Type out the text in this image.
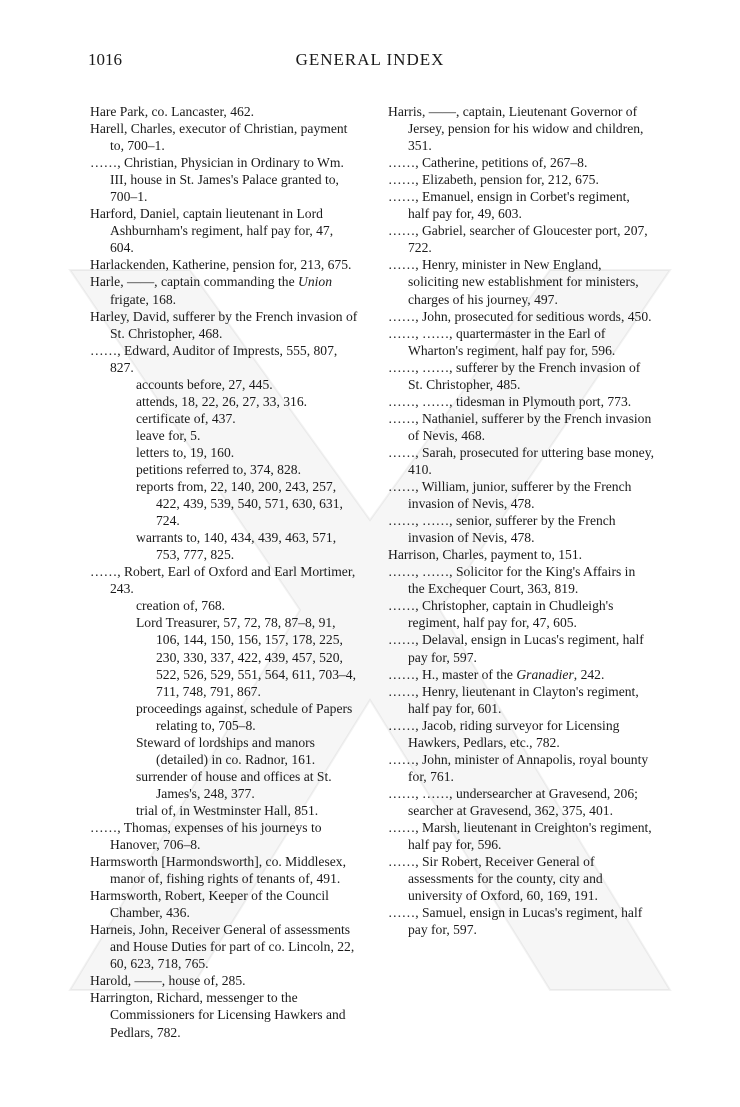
1016	GENERAL INDEX

Hare Park, co. Lancaster, 462.

Harell, Charles, executor of Christian, payment to, 700–1.

……, Christian, Physician in Ordinary to Wm. III, house in St. James's Palace granted to, 700–1.

Harford, Daniel, captain lieutenant in Lord Ashburnham's regiment, half pay for, 47, 604.

Harlackenden, Katherine, pension for, 213, 675.

Harle, ——, captain commanding the Union frigate, 168.

Harley, David, sufferer by the French invasion of St. Christopher, 468.

……, Edward, Auditor of Imprests, 555, 807, 827.

accounts before, 27, 445.

attends, 18, 22, 26, 27, 33, 316.

certificate of, 437.

leave for, 5.

letters to, 19, 160.

petitions referred to, 374, 828.

reports from, 22, 140, 200, 243, 257, 422, 439, 539, 540, 571, 630, 631, 724.

warrants to, 140, 434, 439, 463, 571, 753, 777, 825.

……, Robert, Earl of Oxford and Earl Mortimer, 243.

creation of, 768.

Lord Treasurer, 57, 72, 78, 87–8, 91, 106, 144, 150, 156, 157, 178, 225, 230, 330, 337, 422, 439, 457, 520, 522, 526, 529, 551, 564, 611, 703–4, 711, 748, 791, 867.

proceedings against, schedule of Papers relating to, 705–8.

Steward of lordships and manors (detailed) in co. Radnor, 161.

surrender of house and offices at St. James's, 248, 377.

trial of, in Westminster Hall, 851.

……, Thomas, expenses of his journeys to Hanover, 706–8.

Harmsworth [Harmondsworth], co. Middlesex, manor of, fishing rights of tenants of, 491.

Harmsworth, Robert, Keeper of the Council Chamber, 436.

Harneis, John, Receiver General of assessments and House Duties for part of co. Lincoln, 22, 60, 623, 718, 765.

Harold, ——, house of, 285.

Harrington, Richard, messenger to the Commissioners for Licensing Hawkers and Pedlars, 782.

Harris, ——, captain, Lieutenant Governor of Jersey, pension for his widow and children, 351.

……, Catherine, petitions of, 267–8.

……, Elizabeth, pension for, 212, 675.

……, Emanuel, ensign in Corbet's regiment, half pay for, 49, 603.

……, Gabriel, searcher of Gloucester port, 207, 722.

……, Henry, minister in New England, soliciting new establishment for ministers, charges of his journey, 497.

……, John, prosecuted for seditious words, 450.

……, ……, quartermaster in the Earl of Wharton's regiment, half pay for, 596.

……, ……, sufferer by the French invasion of St. Christopher, 485.

……, ……, tidesman in Plymouth port, 773.

……, Nathaniel, sufferer by the French invasion of Nevis, 468.

……, Sarah, prosecuted for uttering base money, 410.

……, William, junior, sufferer by the French invasion of Nevis, 478.

……, ……, senior, sufferer by the French invasion of Nevis, 478.

Harrison, Charles, payment to, 151.

……, ……, Solicitor for the King's Affairs in the Exchequer Court, 363, 819.

……, Christopher, captain in Chudleigh's regiment, half pay for, 47, 605.

……, Delaval, ensign in Lucas's regiment, half pay for, 597.

……, H., master of the Granadier, 242.

……, Henry, lieutenant in Clayton's regiment, half pay for, 601.

……, Jacob, riding surveyor for Licensing Hawkers, Pedlars, etc., 782.

……, John, minister of Annapolis, royal bounty for, 761.

……, ……, undersearcher at Gravesend, 206; searcher at Gravesend, 362, 375, 401.

……, Marsh, lieutenant in Creighton's regiment, half pay for, 596.

……, Sir Robert, Receiver General of assessments for the county, city and university of Oxford, 60, 169, 191.

……, Samuel, ensign in Lucas's regiment, half pay for, 597.
